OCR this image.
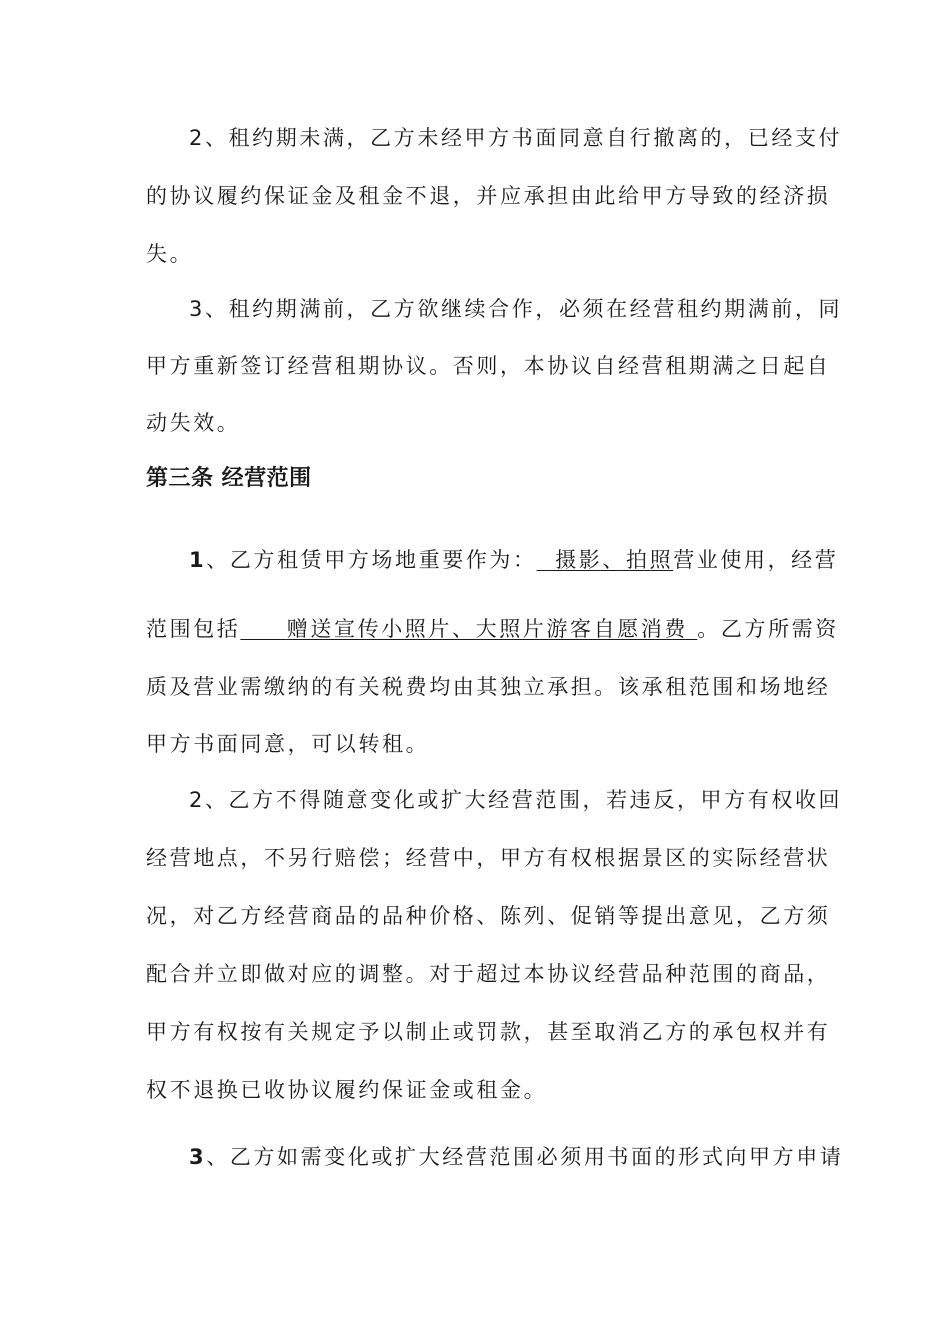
2、租约期未满，乙方未经甲方书面同意自行撤离的，已经支付
的协议履约保证金及租金不退，并应承担由此给甲方导致的经济损
失。
3、租约期满前，乙方欲继续合作，必须在经营租约期满前，同
甲方重新签订经营租期协议。否则，本协议自经营租期满之日起自
动失效。
第三条 经营范围
1、乙方租赁甲方场地重要作为： 摄影、拍照营业使用，经营
范围包括 赠送宣传小照片、大照片游客自愿消费 。乙方所需资
质及营业需缴纳的有关税费均由其独立承担。该承租范围和场地经
甲方书面同意，可以转租。
2、乙方不得随意变化或扩大经营范围，若违反，甲方有权收回
经营地点，不另行赔偿；经营中，甲方有权根据景区的实际经营状
况，对乙方经营商品的品种价格、陈列、促销等提出意见，乙方须
配合并立即做对应的调整。对于超过本协议经营品种范围的商品，
甲方有权按有关规定予以制止或罚款，甚至取消乙方的承包权并有
权不退换已收协议履约保证金或租金。
3、乙方如需变化或扩大经营范围必须用书面的形式向甲方申请
